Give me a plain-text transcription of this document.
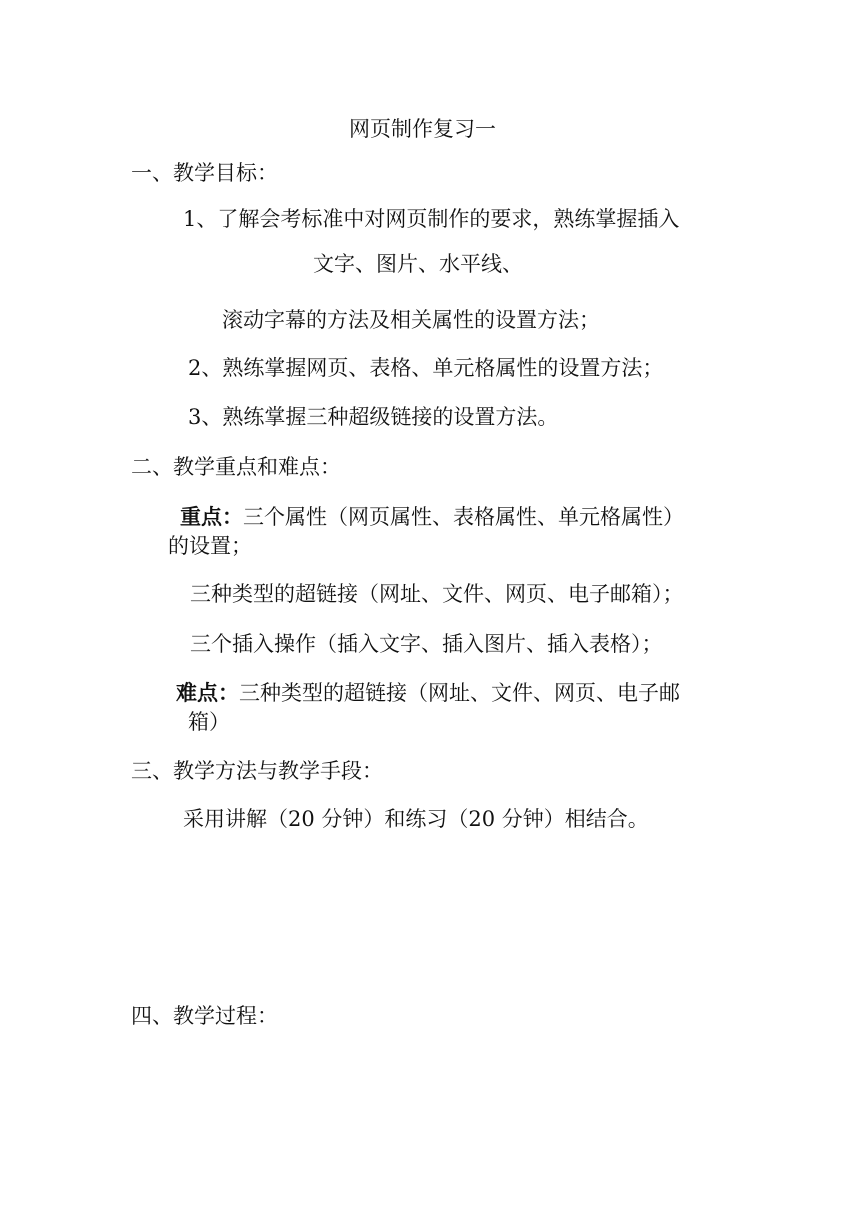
网页制作复习一
一、教学目标：
1、了解会考标准中对网页制作的要求，熟练掌握插入
文字、图片、水平线、
滚动字幕的方法及相关属性的设置方法；
2、熟练掌握网页、表格、单元格属性的设置方法；
3、熟练掌握三种超级链接的设置方法。
二、教学重点和难点：
重点：三个属性（网页属性、表格属性、单元格属性）
的设置；
三种类型的超链接（网址、文件、网页、电子邮箱）；
三个插入操作（插入文字、插入图片、插入表格）；
难点：三种类型的超链接（网址、文件、网页、电子邮
箱）
三、教学方法与教学手段：
采用讲解（20 分钟）和练习（20 分钟）相结合。
四、教学过程：
